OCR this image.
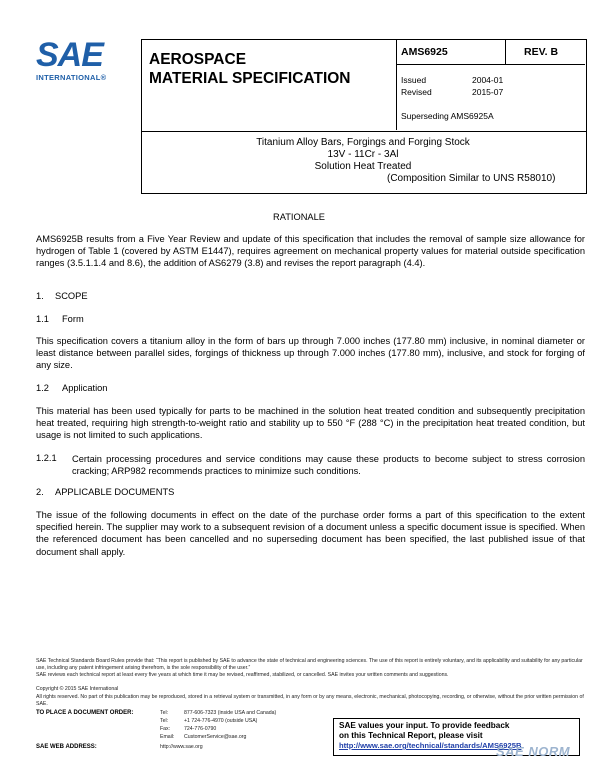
SAE
INTERNATIONAL®
AEROSPACE
MATERIAL SPECIFICATION
AMS6925	REV. B
Issued	2004-01
Revised	2015-07
Superseding AMS6925A
Titanium Alloy Bars, Forgings and Forging Stock
13V - 11Cr - 3Al
Solution Heat Treated
(Composition Similar to UNS R58010)
RATIONALE
AMS6925B results from a Five Year Review and update of this specification that includes the removal of sample size allowance for hydrogen of Table 1 (covered by ASTM E1447), requires agreement on mechanical property values for material outside specification ranges (3.5.1.1.4 and 8.6), the addition of AS6279 (3.8) and revises the report paragraph (4.4).
1. SCOPE
1.1 Form
This specification covers a titanium alloy in the form of bars up through 7.000 inches (177.80 mm) inclusive, in nominal diameter or least distance between parallel sides, forgings of thickness up through 7.000 inches (177.80 mm), inclusive, and stock for forging of any size.
1.2 Application
This material has been used typically for parts to be machined in the solution heat treated condition and subsequently precipitation heat treated, requiring high strength-to-weight ratio and stability up to 550 °F (288 °C) in the precipitation heat treated condition, but usage is not limited to such applications.
1.2.1 Certain processing procedures and service conditions may cause these products to become subject to stress corrosion cracking; ARP982 recommends practices to minimize such conditions.
2. APPLICABLE DOCUMENTS
The issue of the following documents in effect on the date of the purchase order forms a part of this specification to the extent specified herein. The supplier may work to a subsequent revision of a document unless a specific document issue is specified. When the referenced document has been cancelled and no superseding document has been specified, the last published issue of that document shall apply.
SAE Technical Standards Board Rules provide that: “This report is published by SAE to advance the state of technical and engineering sciences. The use of this report is entirely voluntary, and its applicability and suitability for any particular use, including any patent infringement arising therefrom, is the sole responsibility of the user.”
SAE reviews each technical report at least every five years at which time it may be revised, reaffirmed, stabilized, or cancelled. SAE invites your written comments and suggestions.
Copyright © 2015 SAE International
All rights reserved. No part of this publication may be reproduced, stored in a retrieval system or transmitted, in any form or by any means, electronic, mechanical, photocopying, recording, or otherwise, without the prior written permission of SAE.
TO PLACE A DOCUMENT ORDER:	Tel:	877-606-7323 (inside USA and Canada)
Tel:	+1 724-776-4970 (outside USA)
Fax:	724-776-0790
Email: CustomerService@sae.org
SAE WEB ADDRESS:	http://www.sae.org
SAE values your input. To provide feedback
on this Technical Report, please visit
http://www.sae.org/technical/standards/AMS6925B
SAE NORM
